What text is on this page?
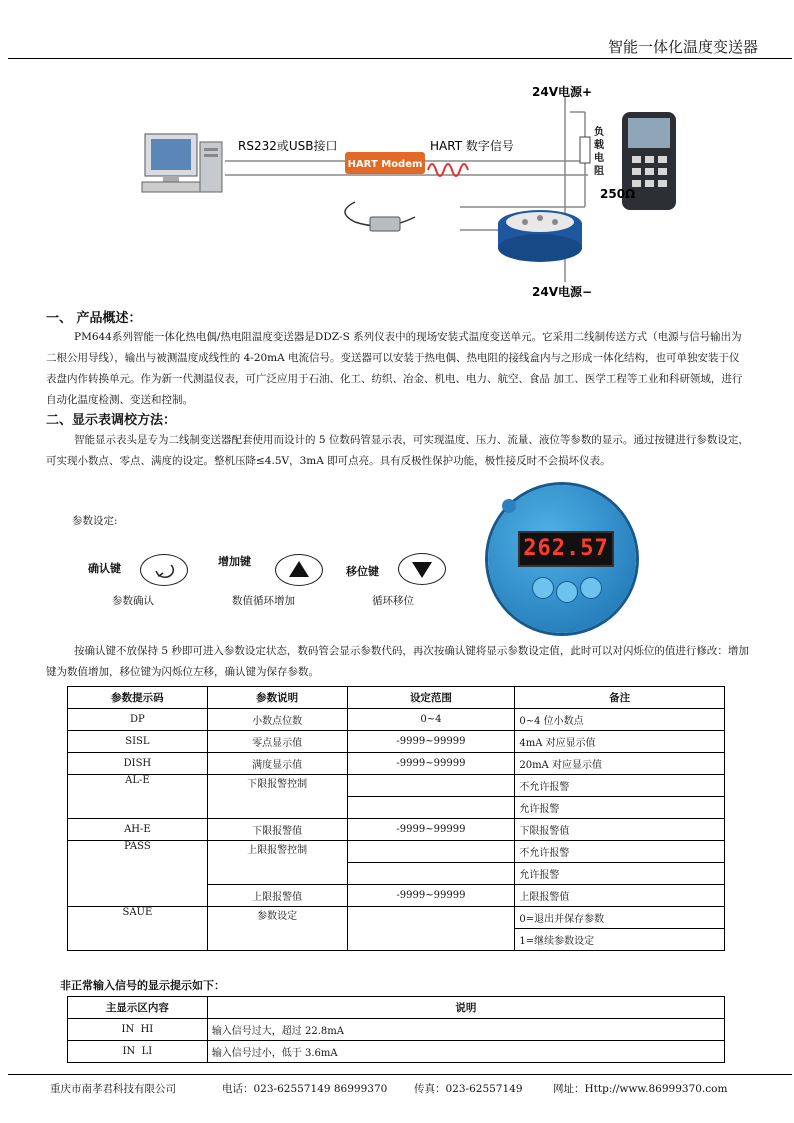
智能一体化温度变送器
HART Modem
RS232或USB接口	HART 数字信号
24V电源+
24V电源−
250Ω
负载电阻
一、 产品概述：
PM644系列智能一体化热电偶/热电阻温度变送器是DDZ-S 系列仪表中的现场安装式温度变送单元。它采用二线制传送方式（电源与信号输出为二根公用导线），输出与被测温度成线性的 4-20mA 电流信号。变送器可以安装于热电偶、热电阻的接线盒内与之形成一体化结构，也可单独安装于仪表盘内作转换单元。作为新一代测温仪表，可广泛应用于石油、化工、纺织、冶金、机电、电力、航空、食品 加工、医学工程等工业和科研领域，进行自动化温度检测、变送和控制。
二、显示表调校方法：
智能显示表头是专为二线制变送器配套使用而设计的 5 位数码管显示表，可实现温度、压力、流量、液位等参数的显示。通过按键进行参数设定，可实现小数点、零点、满度的设定。整机压降≤4.5V，3mA 即可点亮。具有反极性保护功能，极性接反时不会损坏仪表。
参数设定:
确认键
参数确认
增加键
数值循环增加
移位键
循环移位
262.57
按确认键不放保持 5 秒即可进入参数设定状态，数码管会显示参数代码，再次按确认键将显示参数设定值，此时可以对闪烁位的值进行修改：增加键为数值增加，移位键为闪烁位左移，确认键为保存参数。
参数提示码	参数说明	设定范围	备注
DP	小数点位数	0~4	0~4 位小数点
SISL	零点显示值	-9999~99999	4mA 对应显示值
DISH	满度显示值	-9999~99999	20mA 对应显示值
AL-E	下限报警控制		不允许报警
			允许报警
AH-E	下限报警值	-9999~99999	下限报警值
PASS	上限报警控制		不允许报警
			允许报警
	上限报警值	-9999~99999	上限报警值
SAUE	参数设定		0=退出并保存参数
			1=继续参数设定
非正常输入信号的显示提示如下：
主显示区内容	说明
IN  HI	输入信号过大，超过 22.8mA
IN  LI	输入信号过小，低于 3.6mA
重庆市南孝君科技有限公司	电话：023-62557149 86999370	传真：023-62557149	网址：Http://www.86999370.com
